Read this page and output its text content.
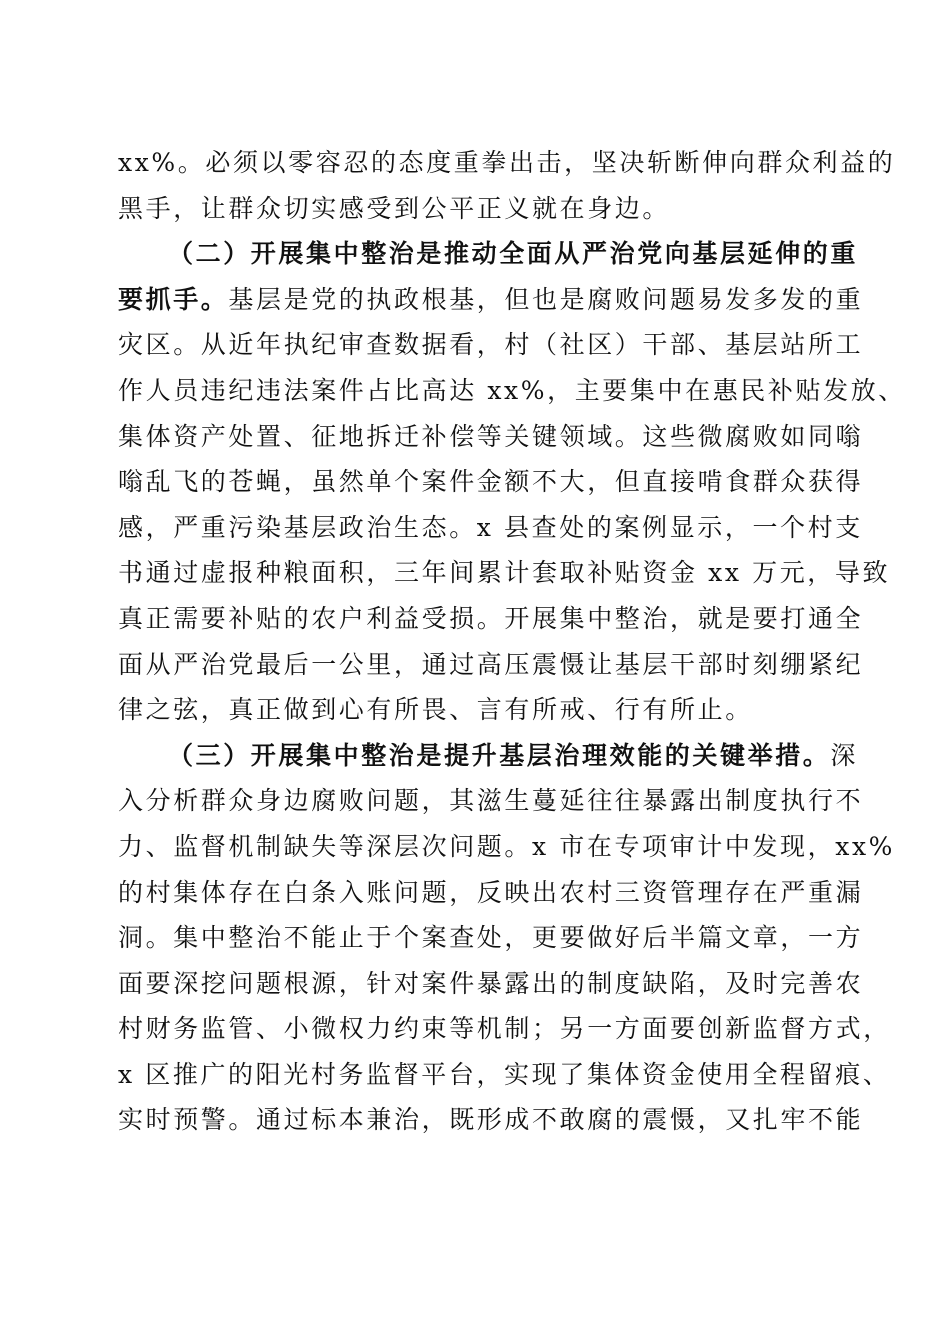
xx%。必须以零容忍的态度重拳出击，坚决斩断伸向群众利益的
黑手，让群众切实感受到公平正义就在身边。
（二）开展集中整治是推动全面从严治党向基层延伸的重
要抓手。基层是党的执政根基，但也是腐败问题易发多发的重
灾区。从近年执纪审查数据看，村（社区）干部、基层站所工
作人员违纪违法案件占比高达 xx%，主要集中在惠民补贴发放、
集体资产处置、征地拆迁补偿等关键领域。这些微腐败如同嗡
嗡乱飞的苍蝇，虽然单个案件金额不大，但直接啃食群众获得
感，严重污染基层政治生态。x 县查处的案例显示，一个村支
书通过虚报种粮面积，三年间累计套取补贴资金 xx 万元，导致
真正需要补贴的农户利益受损。开展集中整治，就是要打通全
面从严治党最后一公里，通过高压震慑让基层干部时刻绷紧纪
律之弦，真正做到心有所畏、言有所戒、行有所止。
（三）开展集中整治是提升基层治理效能的关键举措。深
入分析群众身边腐败问题，其滋生蔓延往往暴露出制度执行不
力、监督机制缺失等深层次问题。x 市在专项审计中发现，xx%
的村集体存在白条入账问题，反映出农村三资管理存在严重漏
洞。集中整治不能止于个案查处，更要做好后半篇文章，一方
面要深挖问题根源，针对案件暴露出的制度缺陷，及时完善农
村财务监管、小微权力约束等机制；另一方面要创新监督方式，
x 区推广的阳光村务监督平台，实现了集体资金使用全程留痕、
实时预警。通过标本兼治，既形成不敢腐的震慑，又扎牢不能
